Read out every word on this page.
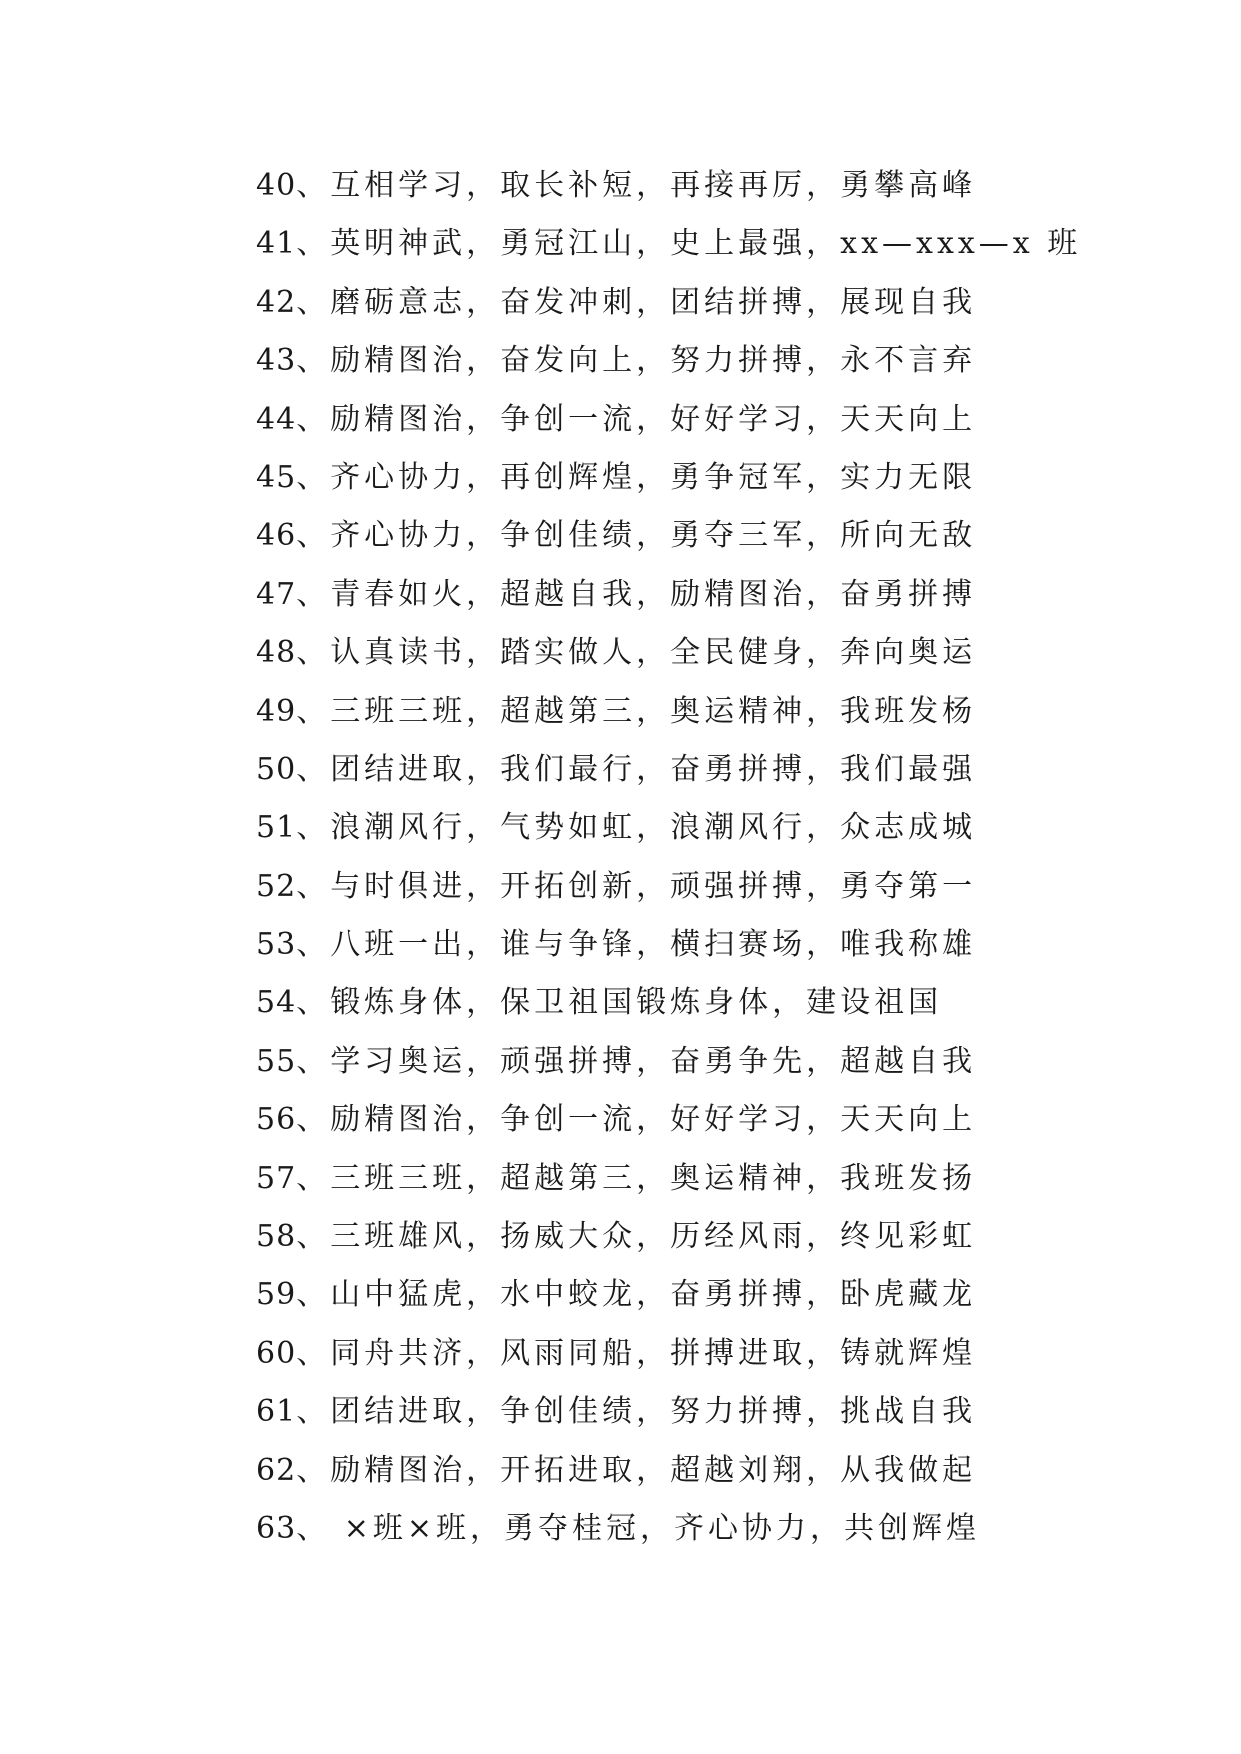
40、互相学习，取长补短，再接再厉，勇攀高峰
41、英明神武，勇冠江山，史上最强，xx—xxx—x 班
42、磨砺意志，奋发冲刺，团结拼搏，展现自我
43、励精图治，奋发向上，努力拼搏，永不言弃
44、励精图治，争创一流，好好学习，天天向上
45、齐心协力，再创辉煌，勇争冠军，实力无限
46、齐心协力，争创佳绩，勇夺三军，所向无敌
47、青春如火，超越自我，励精图治，奋勇拼搏
48、认真读书，踏实做人，全民健身，奔向奥运
49、三班三班，超越第三，奥运精神，我班发杨
50、团结进取，我们最行，奋勇拼搏，我们最强
51、浪潮风行，气势如虹，浪潮风行，众志成城
52、与时俱进，开拓创新，顽强拼搏，勇夺第一
53、八班一出，谁与争锋，横扫赛场，唯我称雄
54、锻炼身体，保卫祖国锻炼身体，建设祖国
55、学习奥运，顽强拼搏，奋勇争先，超越自我
56、励精图治，争创一流，好好学习，天天向上
57、三班三班，超越第三，奥运精神，我班发扬
58、三班雄风，扬威大众，历经风雨，终见彩虹
59、山中猛虎，水中蛟龙，奋勇拼搏，卧虎藏龙
60、同舟共济，风雨同船，拼搏进取，铸就辉煌
61、团结进取，争创佳绩，努力拼搏，挑战自我
62、励精图治，开拓进取，超越刘翔，从我做起
63、 ×班×班，勇夺桂冠，齐心协力，共创辉煌
